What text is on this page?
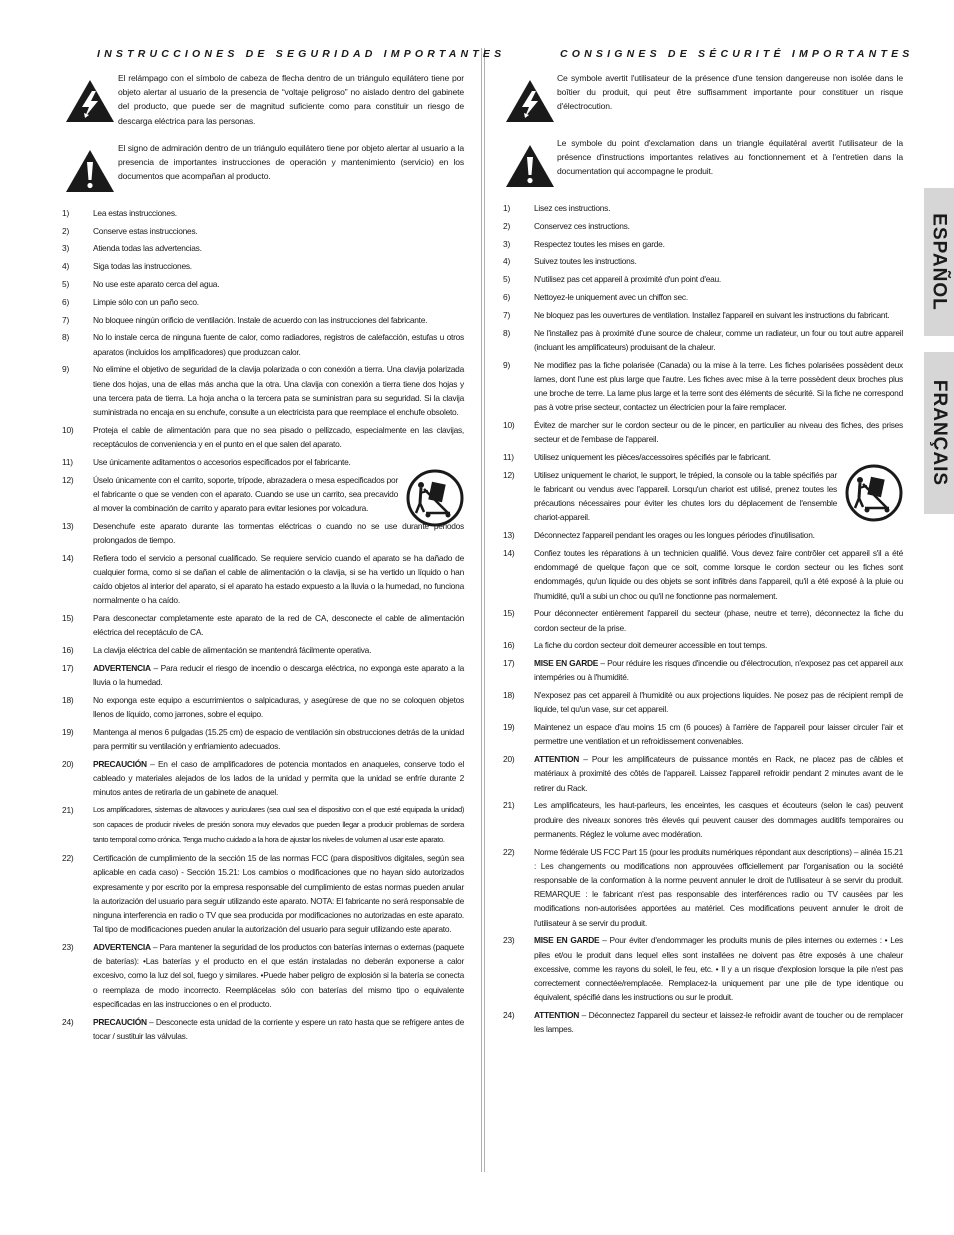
INSTRUCCIONES DE SEGURIDAD IMPORTANTES

El relámpago con el símbolo de cabeza de flecha dentro de un triángulo equilátero tiene por objeto alertar al usuario de la presencia de “voltaje peligroso” no aislado dentro del gabinete del producto, que puede ser de magnitud suficiente como para constituir un riesgo de descarga eléctrica para las personas.

El signo de admiración dentro de un triángulo equilátero tiene por objeto alertar al usuario a la presencia de importantes instrucciones de operación y mantenimiento (servicio) en los documentos que acompañan al producto.

1)	Lea estas instrucciones.

2)	Conserve estas instrucciones.

3)	Atienda todas las advertencias.

4)	Siga todas las instrucciones.

5)	No use este aparato cerca del agua.

6)	Limpie sólo con un paño seco.

7)	No bloquee ningún orificio de ventilación. Instale de acuerdo con las instrucciones del fabricante.

8)	No lo instale cerca de ninguna fuente de calor, como radiadores, registros de calefacción, estufas u otros aparatos (incluidos los amplificadores) que produzcan calor.

9)	No elimine el objetivo de seguridad de la clavija polarizada o con conexión a tierra. Una clavija polarizada tiene dos hojas, una de ellas más ancha que la otra. Una clavija con conexión a tierra tiene dos hojas y una tercera pata de tierra. La hoja ancha o la tercera pata se suministran para su seguridad. Si la clavija suministrada no encaja en su enchufe, consulte a un electricista para que reemplace el enchufe obsoleto.

10)	Proteja el cable de alimentación para que no sea pisado o pellizcado, especialmente en las clavijas, receptáculos de conveniencia y en el punto en el que salen del aparato.

11)	Use únicamente aditamentos o accesorios especificados por el fabricante.

12)	Úselo únicamente con el carrito, soporte, trípode, abrazadera o mesa especificados por el fabricante o que se venden con el aparato. Cuando se use un carrito, sea precavido al mover la combinación de carrito y aparato para evitar lesiones por volcadura.

13)	Desenchufe este aparato durante las tormentas eléctricas o cuando no se use durante periodos prolongados de tiempo.

14)	Refiera todo el servicio a personal cualificado. Se requiere servicio cuando el aparato se ha dañado de cualquier forma, como si se dañan el cable de alimentación o la clavija, si se ha vertido un líquido o han caído objetos al interior del aparato, si el aparato ha estado expuesto a la lluvia o la humedad, no funciona normalmente o ha caído.

15)	Para desconectar completamente este aparato de la red de CA, desconecte el cable de alimentación eléctrica del receptáculo de CA.

16)	La clavija eléctrica del cable de alimentación se mantendrá fácilmente operativa.

17)	ADVERTENCIA – Para reducir el riesgo de incendio o descarga eléctrica, no exponga este aparato a la lluvia o la humedad.

18)	No exponga este equipo a escurrimientos o salpicaduras, y asegúrese de que no se coloquen objetos llenos de líquido, como jarrones, sobre el equipo.

19)	Mantenga al menos 6 pulgadas (15.25 cm) de espacio de ventilación sin obstrucciones detrás de la unidad para permitir su ventilación y enfriamiento adecuados.

20)	PRECAUCIÓN – En el caso de amplificadores de potencia montados en anaqueles, conserve todo el cableado y materiales alejados de los lados de la unidad y permita que la unidad se enfríe durante 2 minutos antes de retirarla de un gabinete de anaquel.

21)	Los amplificadores, sistemas de altavoces y auriculares (sea cual sea el dispositivo con el que esté equipada la unidad) son capaces de producir niveles de presión sonora muy elevados que pueden llegar a producir problemas de sordera tanto temporal como crónica. Tenga mucho cuidado a la hora de ajustar los niveles de volumen al usar este aparato.

22)	Certificación de cumplimiento de la sección 15 de las normas FCC (para dispositivos digitales, según sea aplicable en cada caso) - Sección 15.21: Los cambios o modificaciones que no hayan sido autorizados expresamente y por escrito por la empresa responsable del cumplimiento de estas normas pueden anular la autorización del usuario para seguir utilizando este aparato. NOTA: El fabricante no será responsable de ninguna interferencia en radio o TV que sea producida por modificaciones no autorizadas en este aparato. Tal tipo de modificaciones pueden anular la autorización del usuario para seguir utilizando este aparato.

23)	ADVERTENCIA – Para mantener la seguridad de los productos con baterías internas o externas (paquete de baterías): •Las baterías y el producto en el que están instaladas no deberán exponerse a calor excesivo, como la luz del sol, fuego y similares. •Puede haber peligro de explosión si la batería se conecta o reemplaza de modo incorrecto. Reemplácelas sólo con baterías del mismo tipo o equivalente especificadas en las instrucciones o en el producto.

24)	PRECAUCIÓN – Desconecte esta unidad de la corriente y espere un rato hasta que se refrigere antes de tocar / sustituir las válvulas.

CONSIGNES DE SÉCURITÉ IMPORTANTES

Ce symbole avertit l'utilisateur de la présence d'une tension dangereuse non isolée dans le boîtier du produit, qui peut être suffisamment importante pour constituer un risque d'électrocution.

Le symbole du point d'exclamation dans un triangle équilatéral avertit l'utilisateur de la présence d'instructions importantes relatives au fonctionnement et à l'entretien dans la documentation qui accompagne le produit.

1)	Lisez ces instructions.

2)	Conservez ces instructions.

3)	Respectez toutes les mises en garde.

4)	Suivez toutes les instructions.

5)	N'utilisez pas cet appareil à proximité d'un point d'eau.

6)	Nettoyez-le uniquement avec un chiffon sec.

7)	Ne bloquez pas les ouvertures de ventilation. Installez l'appareil en suivant les instructions du fabricant.

8)	Ne l'installez pas à proximité d'une source de chaleur, comme un radiateur, un four ou tout autre appareil (incluant les amplificateurs) produisant de la chaleur.

9)	Ne modifiez pas la fiche polarisée (Canada) ou la mise à la terre. Les fiches polarisées possèdent deux lames, dont l'une est plus large que l'autre. Les fiches avec mise à la terre possèdent deux broches plus une broche de terre. La lame plus large et la terre sont des éléments de sécurité. Si la fiche ne correspond pas à votre prise secteur, contactez un électricien pour la faire remplacer.

10)	Évitez de marcher sur le cordon secteur ou de le pincer, en particulier au niveau des fiches, des prises secteur et de l'embase de l'appareil.

11)	Utilisez uniquement les pièces/accessoires spécifiés par le fabricant.

12)	Utilisez uniquement le chariot, le support, le trépied, la console ou la table spécifiés par le fabricant ou vendus avec l'appareil. Lorsqu'un chariot est utilisé, prenez toutes les précautions nécessaires pour éviter les chutes lors du déplacement de l'ensemble chariot-appareil.

13)	Déconnectez l'appareil pendant les orages ou les longues périodes d'inutilisation.

14)	Confiez toutes les réparations à un technicien qualifié. Vous devez faire contrôler cet appareil s'il a été endommagé de quelque façon que ce soit, comme lorsque le cordon secteur ou les fiches sont endommagés, qu'un liquide ou des objets se sont infiltrés dans l'appareil, qu'il a été exposé à la pluie ou l'humidité, qu'il a subi un choc ou qu'il ne fonctionne pas normalement.

15)	Pour déconnecter entièrement l'appareil du secteur (phase, neutre et terre), déconnectez la fiche du cordon secteur de la prise.

16)	La fiche du cordon secteur doit demeurer accessible en tout temps.

17)	MISE EN GARDE – Pour réduire les risques d'incendie ou d'électrocution, n'exposez pas cet appareil aux intempéries ou à l'humidité.

18)	N'exposez pas cet appareil à l'humidité ou aux projections liquides. Ne posez pas de récipient rempli de liquide, tel qu'un vase, sur cet appareil.

19)	Maintenez un espace d'au moins 15 cm (6 pouces) à l'arrière de l'appareil pour laisser circuler l'air et permettre une ventilation et un refroidissement convenables.

20)	ATTENTION – Pour les amplificateurs de puissance montés en Rack, ne placez pas de câbles et matériaux à proximité des côtés de l'appareil. Laissez l'appareil refroidir pendant 2 minutes avant de le retirer du Rack.

21)	Les amplificateurs, les haut-parleurs, les enceintes, les casques et écouteurs (selon le cas) peuvent produire des niveaux sonores très élevés qui peuvent causer des dommages auditifs temporaires ou permanents. Réglez le volume avec modération.

22)	Norme fédérale US FCC Part 15 (pour les produits numériques répondant aux descriptions) – alinéa 15.21 : Les changements ou modifications non approuvées officiellement par l'organisation ou la société responsable de la conformation à la norme peuvent annuler le droit de l'utilisateur à se servir du produit. REMARQUE : le fabricant n'est pas responsable des interférences radio ou TV causées par les modifications non-autorisées apportées au matériel. Ces modifications peuvent annuler le droit de l'utilisateur à se servir du produit.

23)	MISE EN GARDE – Pour éviter d'endommager les produits munis de piles internes ou externes : • Les piles et/ou le produit dans lequel elles sont installées ne doivent pas être exposés à une chaleur excessive, comme les rayons du soleil, le feu, etc. • Il y a un risque d'explosion lorsque la pile n'est pas correctement connectée/remplacée. Remplacez-la uniquement par une pile de type identique ou équivalent, spécifié dans les instructions ou sur le produit.

24)	ATTENTION – Déconnectez l'appareil du secteur et laissez-le refroidir avant de toucher ou de remplacer les lampes.

ESPAÑOL
FRANÇAIS
